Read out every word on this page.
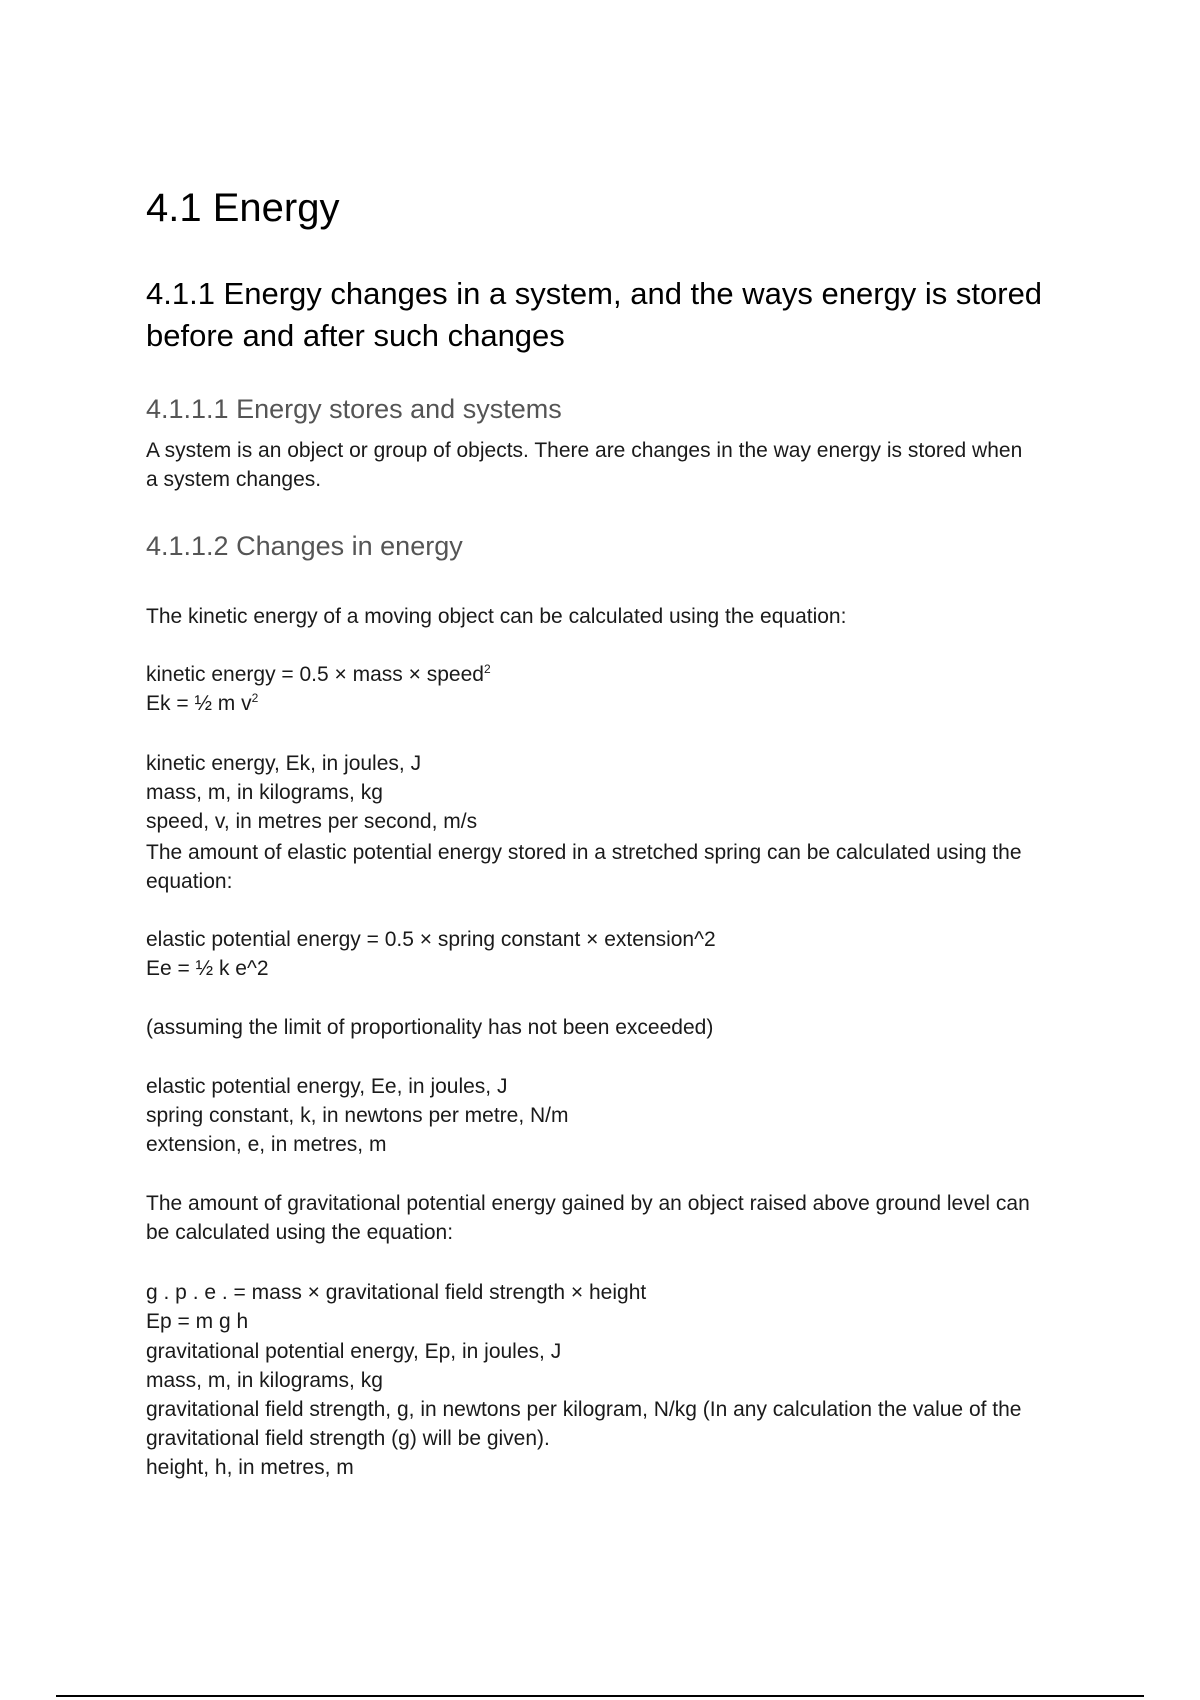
4.1 Energy
4.1.1 Energy changes in a system, and the ways energy is stored before and after such changes
4.1.1.1 Energy stores and systems

A system is an object or group of objects. There are changes in the way energy is stored when a system changes.

4.1.1.2 Changes in energy

The kinetic energy of a moving object can be calculated using the equation:

kinetic energy = 0.5 × mass × speed$^2$
Ek = ½ m $v^2$
kinetic energy, Ek, in joules, J
mass, m, in kilograms, kg
speed, v, in metres per second, m/s

The amount of elastic potential energy stored in a stretched spring can be calculated using the equation:

elastic potential energy = 0.5 × spring constant × extension^2
Ee = ½ k e^2

(assuming the limit of proportionality has not been exceeded)

elastic potential energy, Ee, in joules, J
spring constant, k, in newtons per metre, N/m
extension, e, in metres, m

The amount of gravitational potential energy gained by an object raised above ground level can be calculated using the equation:

g . p . e . = mass × gravitational field strength × height
Ep = m g h
gravitational potential energy, Ep, in joules, J
mass, m, in kilograms, kg
gravitational field strength, g, in newtons per kilogram, N/kg (In any calculation the value of the gravitational field strength (g) will be given).
height, h, in metres, m
